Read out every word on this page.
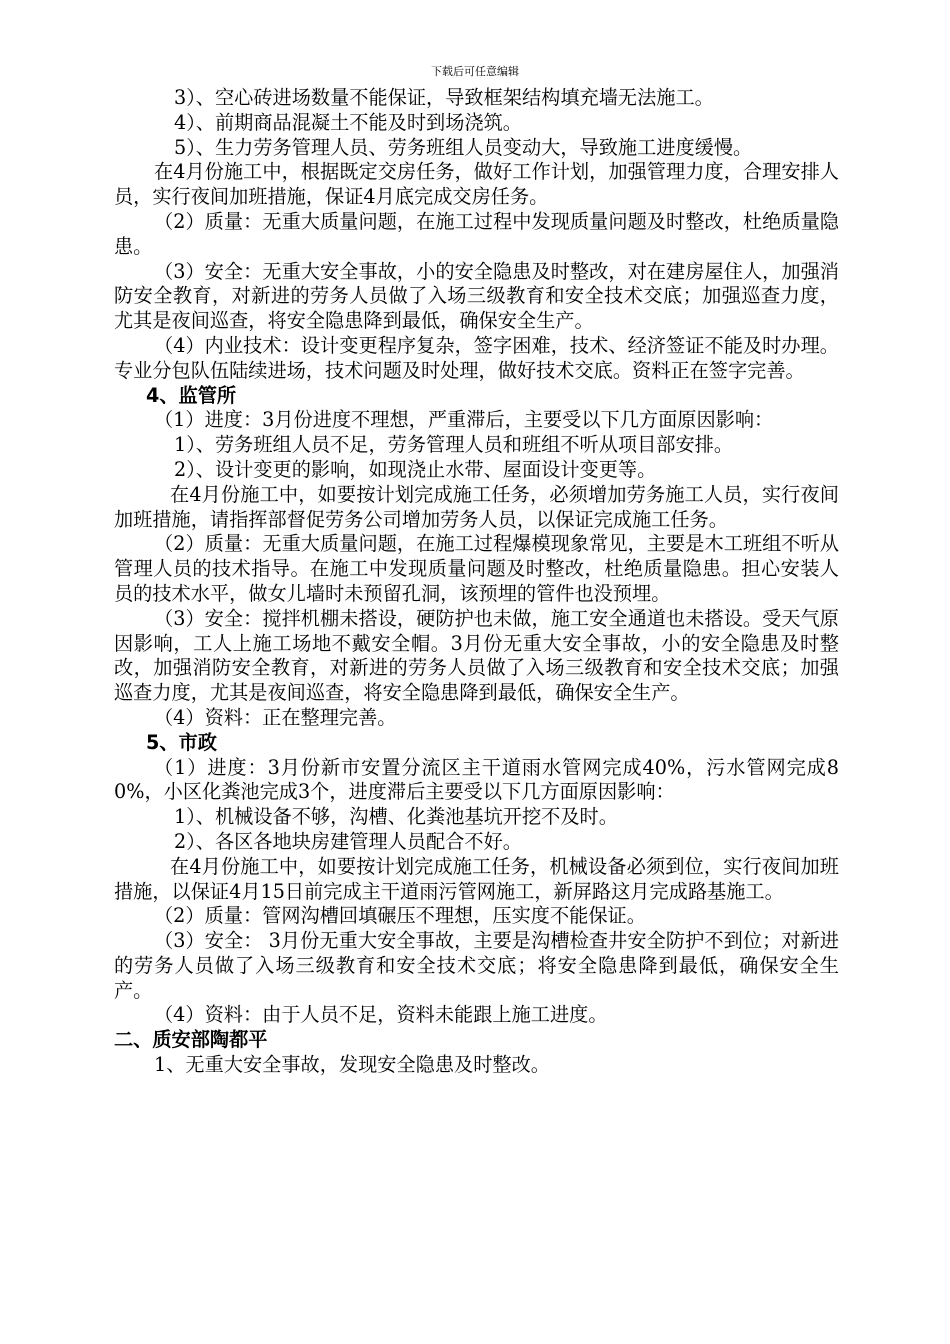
下载后可任意编辑

3）、空心砖进场数量不能保证，导致框架结构填充墙无法施工。

4）、前期商品混凝土不能及时到场浇筑。

5）、生力劳务管理人员、劳务班组人员变动大，导致施工进度缓慢。

在4月份施工中，根据既定交房任务，做好工作计划，加强管理力度，合理安排人员，实行夜间加班措施，保证4月底完成交房任务。

（2）质量：无重大质量问题，在施工过程中发现质量问题及时整改，杜绝质量隐患。

（3）安全：无重大安全事故，小的安全隐患及时整改，对在建房屋住人，加强消防安全教育，对新进的劳务人员做了入场三级教育和安全技术交底；加强巡查力度，尤其是夜间巡查，将安全隐患降到最低，确保安全生产。

（4）内业技术：设计变更程序复杂，签字困难，技术、经济签证不能及时办理。专业分包队伍陆续进场，技术问题及时处理，做好技术交底。资料正在签字完善。

4、监管所

（1）进度：3月份进度不理想，严重滞后，主要受以下几方面原因影响：

1）、劳务班组人员不足，劳务管理人员和班组不听从项目部安排。

2）、设计变更的影响，如现浇止水带、屋面设计变更等。

在4月份施工中，如要按计划完成施工任务，必须增加劳务施工人员，实行夜间加班措施，请指挥部督促劳务公司增加劳务人员，以保证完成施工任务。

（2）质量：无重大质量问题，在施工过程爆模现象常见，主要是木工班组不听从管理人员的技术指导。在施工中发现质量问题及时整改，杜绝质量隐患。担心安装人员的技术水平，做女儿墙时未预留孔洞，该预埋的管件也没预埋。

（3）安全：搅拌机棚未搭设，硬防护也未做，施工安全通道也未搭设。受天气原因影响，工人上施工场地不戴安全帽。3月份无重大安全事故，小的安全隐患及时整改，加强消防安全教育，对新进的劳务人员做了入场三级教育和安全技术交底；加强巡查力度，尤其是夜间巡查，将安全隐患降到最低，确保安全生产。

（4）资料：正在整理完善。

5、市政

（1）进度：3月份新市安置分流区主干道雨水管网完成40%，污水管网完成80%，小区化粪池完成3个，进度滞后主要受以下几方面原因影响：

1）、机械设备不够，沟槽、化粪池基坑开挖不及时。

2）、各区各地块房建管理人员配合不好。

在4月份施工中，如要按计划完成施工任务，机械设备必须到位，实行夜间加班措施，以保证4月15日前完成主干道雨污管网施工，新屏路这月完成路基施工。

（2）质量：管网沟槽回填碾压不理想，压实度不能保证。

（3）安全： 3月份无重大安全事故，主要是沟槽检查井安全防护不到位；对新进的劳务人员做了入场三级教育和安全技术交底；将安全隐患降到最低，确保安全生产。

（4）资料：由于人员不足，资料未能跟上施工进度。

二、质安部陶都平

1、无重大安全事故，发现安全隐患及时整改。
